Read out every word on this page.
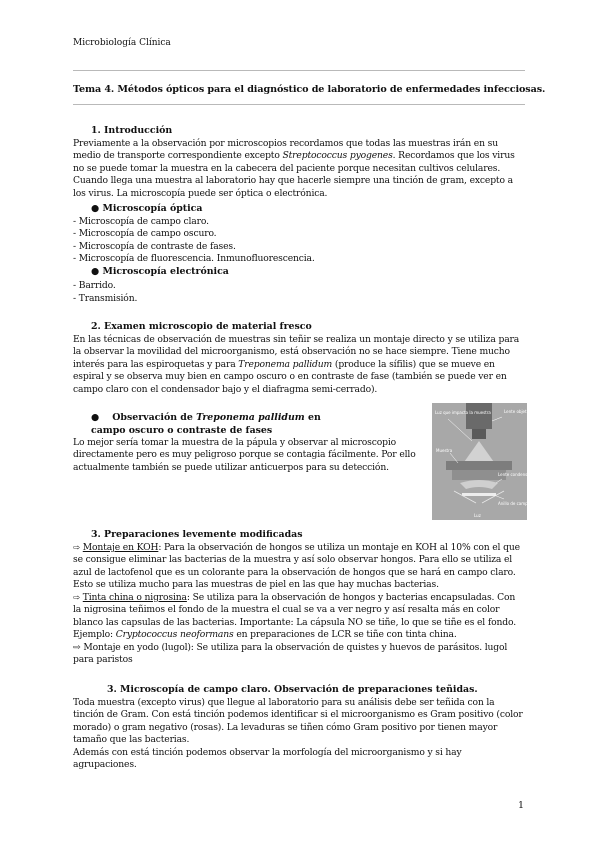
Microbiología Clínica
Tema 4. Métodos ópticos para el diagnóstico de laboratorio de enfermedades infecciosas.
1. Introducción
Previamente a la observación por microscopios recordamos que todas las muestras irán en su medio de transporte correspondiente excepto Streptococcus pyogenes. Recordamos que los virus no se puede tomar la muestra en la cabecera del paciente porque necesitan cultivos celulares. Cuando llega una muestra al laboratorio hay que hacerle siempre una tinción de gram, excepto a los virus. La microscopía puede ser óptica o electrónica.
● Microscopía óptica
- Microscopía de campo claro.
- Microscopía de campo oscuro.
- Microscopía de contraste de fases.
- Microscopía de fluorescencia. Inmunofluorescencia.
● Microscopía electrónica
- Barrido.
- Transmisión.
2. Examen microscopio de material fresco
En las técnicas de observación de muestras sin teñir se realiza un montaje directo y se utiliza para la observar la movilidad del microorganismo, está observación no se hace siempre. Tiene mucho interés para las espiroquetas y para Treponema pallidum (produce la sífilis) que se mueve en espiral y se observa muy bien en campo oscuro o en contraste de fase (también se puede ver en campo claro con el condensador bajo y el diafragma semi-cerrado).
●    Observación de Treponema pallidum en campo oscuro o contraste de fases
Lo mejor sería tomar la muestra de la pápula y observar al microscopio directamente pero es muy peligroso porque se contagia fácilmente. Por ello actualmente también se puede utilizar anticuerpos para su detección.
Luz que impacta la muestra	Lente objetivo
Muestra
Lente condensadora
Anillo de campo oscuro
Luz
3. Preparaciones levemente modificadas
⇨ Montaje en KOH: Para la observación de hongos se utiliza un montaje en KOH al 10% con el que se consigue eliminar las bacterias de la muestra y así solo observar hongos. Para ello se utiliza el azul de lactofenol que es un colorante para la observación de hongos que se hará en campo claro. Esto se utiliza mucho para las muestras de piel en las que hay muchas bacterias.
⇨ Tinta china o nigrosina: Se utiliza para la observación de hongos y bacterias encapsuladas. Con la nigrosina teñimos el fondo de la muestra el cual se va a ver negro y así resalta más en color blanco las capsulas de las bacterias. Importante: La cápsula NO se tiñe, lo que se tiñe es el fondo. Ejemplo: Cryptococcus neoformans en preparaciones de LCR se tiñe con tinta china.
⇨ Montaje en yodo (lugol): Se utiliza para la observación de quistes y huevos de parásitos. lugol para paristos
3. Microscopía de campo claro. Observación de preparaciones teñidas.
Toda muestra (excepto virus) que llegue al laboratorio para su análisis debe ser teñida con la tinción de Gram. Con está tinción podemos identificar si el microorganismo es Gram positivo (color morado) o gram negativo (rosas). La levaduras se tiñen cómo Gram positivo por tienen mayor tamaño que las bacterias.
Además con está tinción podemos observar la morfología del microorganismo y si hay agrupaciones.
1
